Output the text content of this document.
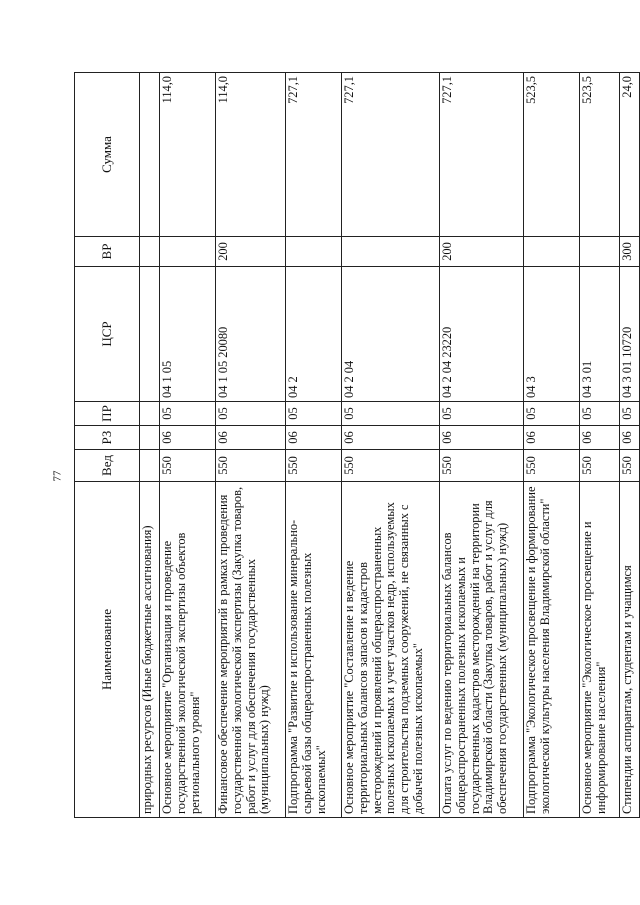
77
Наименование	Вед	РЗ	ПР	ЦСР	ВР	Сумма
природных ресурсов (Иные бюджетные ассигнования)						
Основное мероприятие "Организация и проведение государственной экологической экспертизы объектов регионального уровня"	550	06	05	04 1 05		114,0
Финансовое обеспечение мероприятий в рамках проведения государственной экологической экспертизы (Закупка товаров, работ и услуг для обеспечения государственных (муниципальных) нужд)	550	06	05	04 1 05 20080	200	114,0
Подпрограмма "Развитие и использование минерально-сырьевой базы общераспространенных полезных ископаемых"	550	06	05	04 2		727,1
Основное мероприятие "Составление и ведение территориальных балансов запасов и кадастров месторождений и проявлений общераспространенных полезных ископаемых и учет участков недр, используемых для строительства подземных сооружений, не связанных с добычей полезных ископаемых"	550	06	05	04 2 04		727,1
Оплата услуг по ведению территориальных балансов общераспространенных полезных ископаемых и государственных кадастров месторождений на территории Владимирской области (Закупка товаров, работ и услуг для обеспечения государственных (муниципальных) нужд)	550	06	05	04 2 04 23220	200	727,1
Подпрограмма "Экологическое просвещение и формирование экологической культуры населения Владимирской области"	550	06	05	04 3		523,5
Основное мероприятие "Экологическое просвещение и информирование населения"	550	06	05	04 3 01		523,5
Стипендии аспирантам, студентам и учащимся	550	06	05	04 3 01 10720	300	24,0
